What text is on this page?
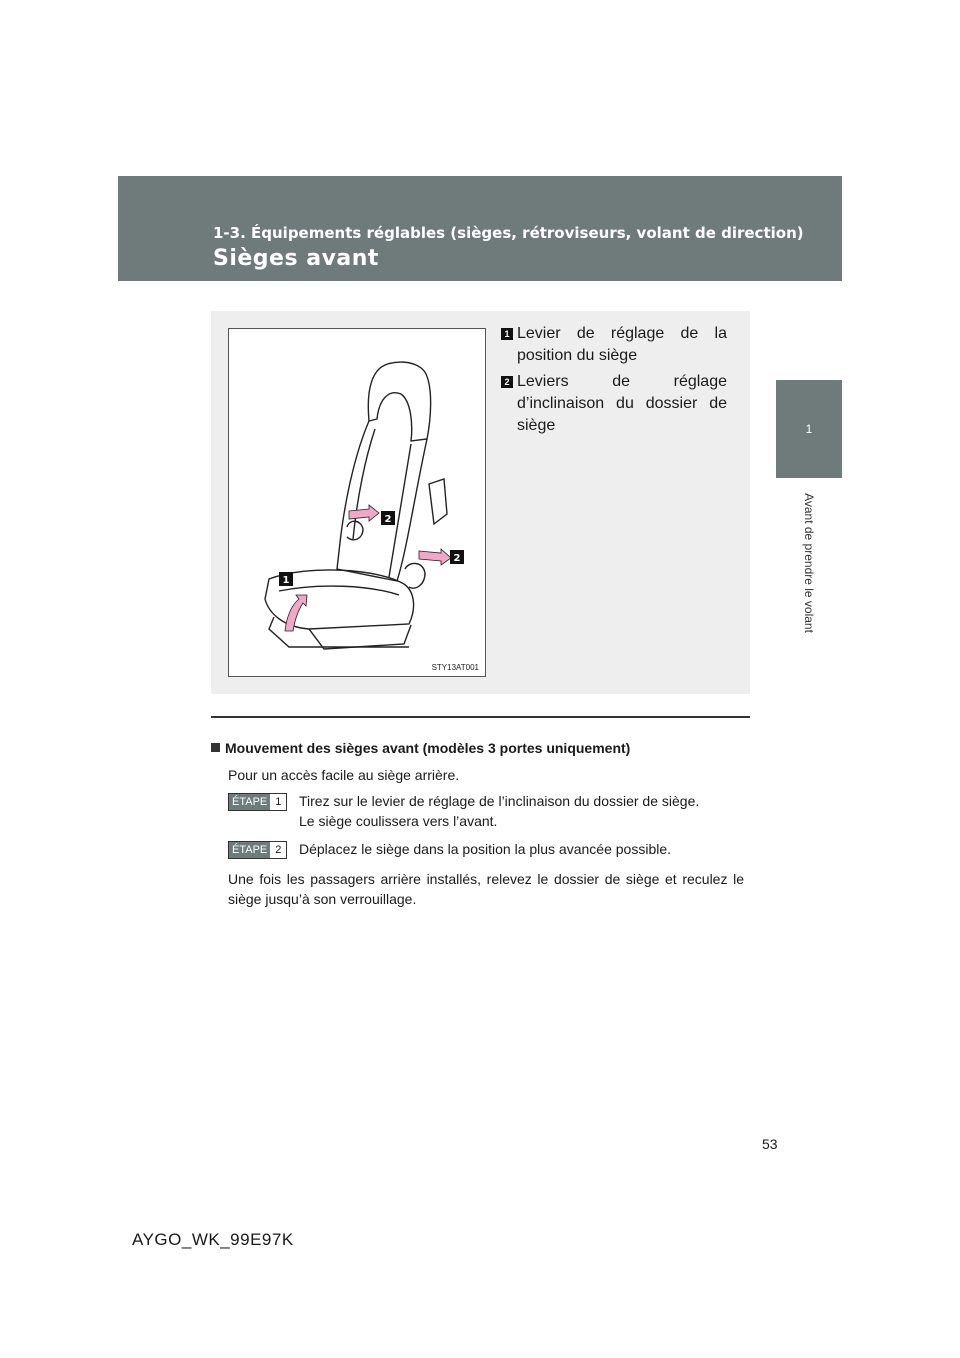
1-3. Équipements réglables (sièges, rétroviseurs, volant de direction)
Sièges avant
1
Avant de prendre le volant
2
2
1
STY13AT001
1 Levier de réglage de la position du siège
2 Leviers de réglage d’inclinaison du dossier de siège
Mouvement des sièges avant (modèles 3 portes uniquement)
Pour un accès facile au siège arrière.
ÉTAPE 1	Tirez sur le levier de réglage de l’inclinaison du dossier de siège.
Le siège coulissera vers l’avant.
ÉTAPE 2	Déplacez le siège dans la position la plus avancée possible.
Une fois les passagers arrière installés, relevez le dossier de siège et reculez le siège jusqu’à son verrouillage.
53
AYGO_WK_99E97K
